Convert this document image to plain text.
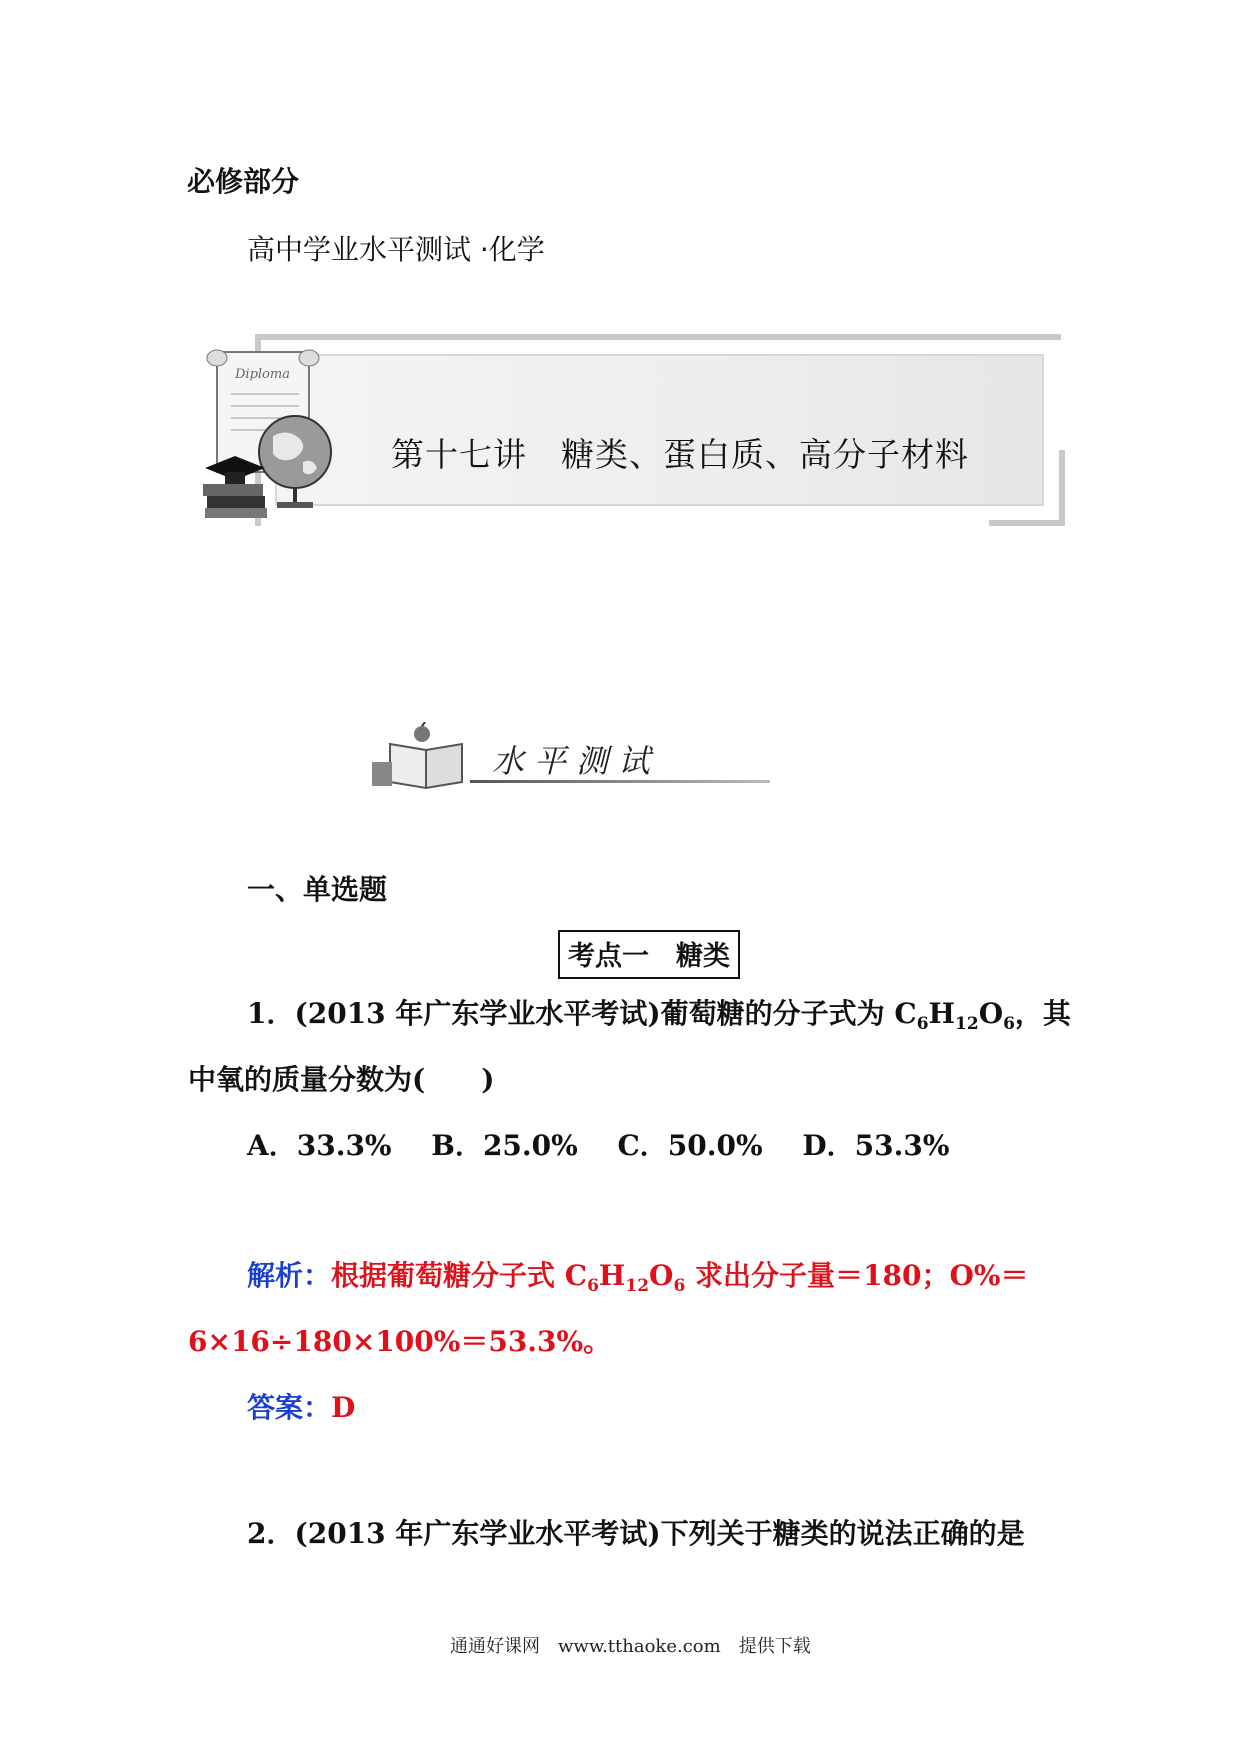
必修部分
高中学业水平测试 ·化学
Diploma
第十七讲　糖类、蛋白质、高分子材料
水平测试
一、单选题
考点一　糖类
1．(2013 年广东学业水平考试)葡萄糖的分子式为 $C_6H_{12}O_6$，其
中氧的质量分数为(　　)
A．33.3% B．25.0% C．50.0% D．53.3%
解析：根据葡萄糖分子式 $C_6H_{12}O_6$ 求出分子量＝180；O%＝
6×16÷180×100%＝53.3%。
答案：D
2．(2013 年广东学业水平考试)下列关于糖类的说法正确的是
通通好课网　www.tthaoke.com　提供下载
